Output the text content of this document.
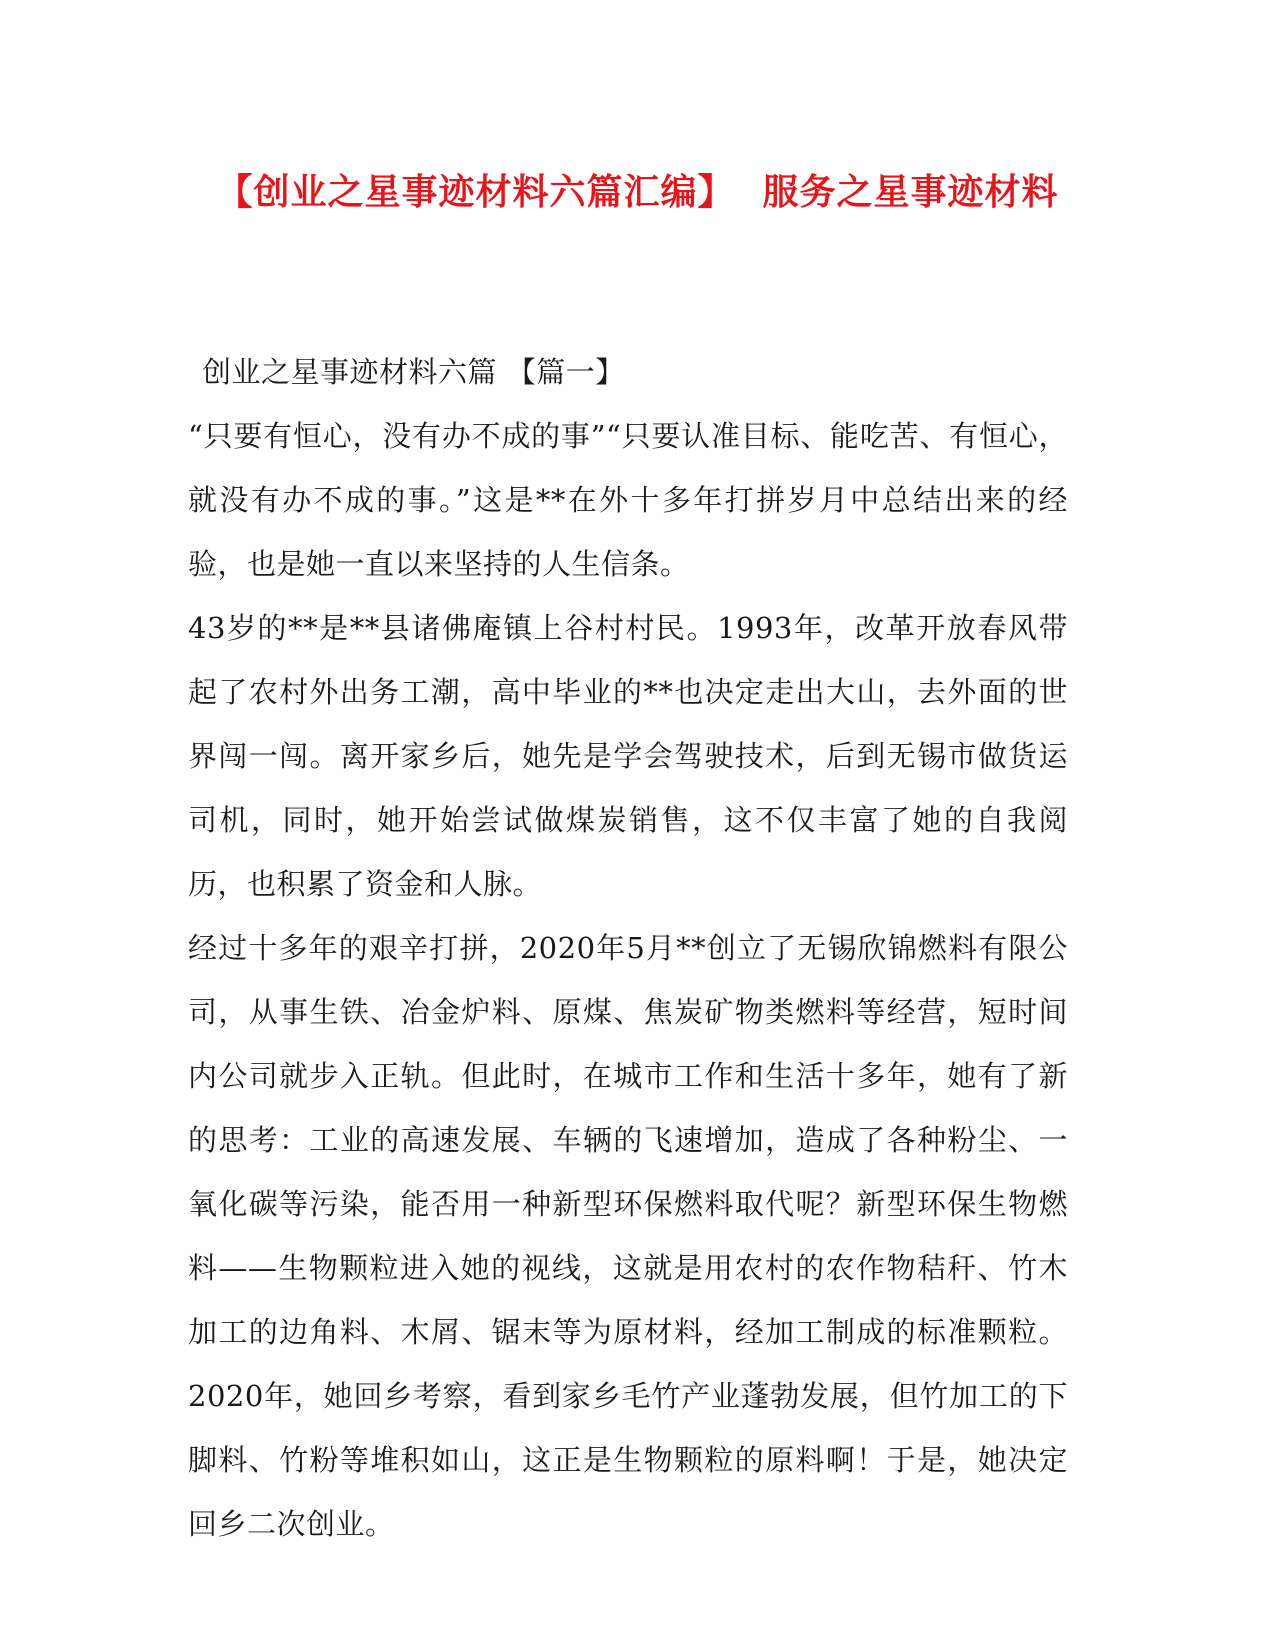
【创业之星事迹材料六篇汇编】 服务之星事迹材料

创业之星事迹材料六篇 【篇一】

“只要有恒心，没有办不成的事”“只要认准目标、能吃苦、有恒心，就没有办不成的事。”这是**在外十多年打拼岁月中总结出来的经验，也是她一直以来坚持的人生信条。

43岁的**是**县诸佛庵镇上谷村村民。1993年，改革开放春风带起了农村外出务工潮，高中毕业的**也决定走出大山，去外面的世界闯一闯。离开家乡后，她先是学会驾驶技术，后到无锡市做货运司机，同时，她开始尝试做煤炭销售，这不仅丰富了她的自我阅历，也积累了资金和人脉。

经过十多年的艰辛打拼，2020年5月**创立了无锡欣锦燃料有限公司，从事生铁、冶金炉料、原煤、焦炭矿物类燃料等经营，短时间内公司就步入正轨。但此时，在城市工作和生活十多年，她有了新的思考：工业的高速发展、车辆的飞速增加，造成了各种粉尘、一氧化碳等污染，能否用一种新型环保燃料取代呢？新型环保生物燃料——生物颗粒进入她的视线，这就是用农村的农作物秸秆、竹木加工的边角料、木屑、锯末等为原材料，经加工制成的标准颗粒。2020年，她回乡考察，看到家乡毛竹产业蓬勃发展，但竹加工的下脚料、竹粉等堆积如山，这正是生物颗粒的原料啊！于是，她决定回乡二次创业。
